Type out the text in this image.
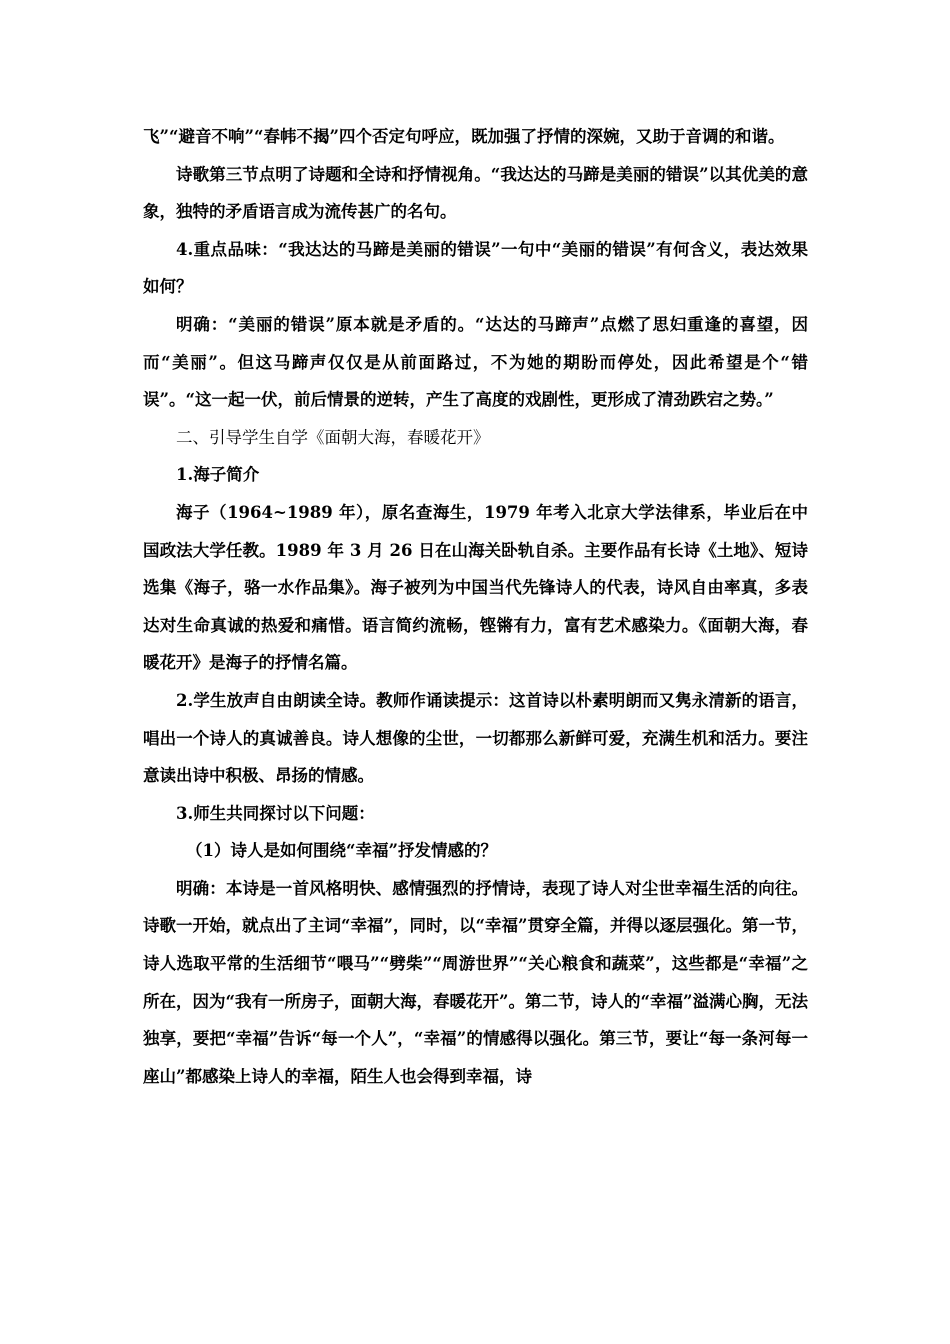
飞”“避音不响”“春帏不揭”四个否定句呼应，既加强了抒情的深婉，又助于音调的和谐。

诗歌第三节点明了诗题和全诗和抒情视角。“我达达的马蹄是美丽的错误”以其优美的意象，独特的矛盾语言成为流传甚广的名句。

4.重点品味：“我达达的马蹄是美丽的错误”一句中“美丽的错误”有何含义，表达效果如何？

明确：“美丽的错误”原本就是矛盾的。“达达的马蹄声”点燃了思妇重逢的喜望，因而“美丽”。但这马蹄声仅仅是从前面路过，不为她的期盼而停处，因此希望是个“错误”。“这一起一伏，前后情景的逆转，产生了高度的戏剧性，更形成了清劲跌宕之势。”

二、引导学生自学《面朝大海，春暖花开》

1.海子简介

海子（1964~1989 年），原名查海生，1979 年考入北京大学法律系，毕业后在中国政法大学任教。1989 年 3 月 26 日在山海关卧轨自杀。主要作品有长诗《土地》、短诗选集《海子，骆一水作品集》。海子被列为中国当代先锋诗人的代表，诗风自由率真，多表达对生命真诚的热爱和痛惜。语言简约流畅，铿锵有力，富有艺术感染力。《面朝大海，春暖花开》是海子的抒情名篇。

2.学生放声自由朗读全诗。教师作诵读提示：这首诗以朴素明朗而又隽永清新的语言，唱出一个诗人的真诚善良。诗人想像的尘世，一切都那么新鲜可爱，充满生机和活力。要注意读出诗中积极、昂扬的情感。

3.师生共同探讨以下问题：

（1）诗人是如何围绕“幸福”抒发情感的？

明确：本诗是一首风格明快、感情强烈的抒情诗，表现了诗人对尘世幸福生活的向往。诗歌一开始，就点出了主词“幸福”，同时，以“幸福”贯穿全篇，并得以逐层强化。第一节，诗人选取平常的生活细节“喂马”“劈柴”“周游世界”“关心粮食和蔬菜”，这些都是“幸福”之所在，因为“我有一所房子，面朝大海，春暖花开”。第二节，诗人的“幸福”溢满心胸，无法独享，要把“幸福”告诉“每一个人”，“幸福”的情感得以强化。第三节，要让“每一条河每一座山”都感染上诗人的幸福，陌生人也会得到幸福，诗
